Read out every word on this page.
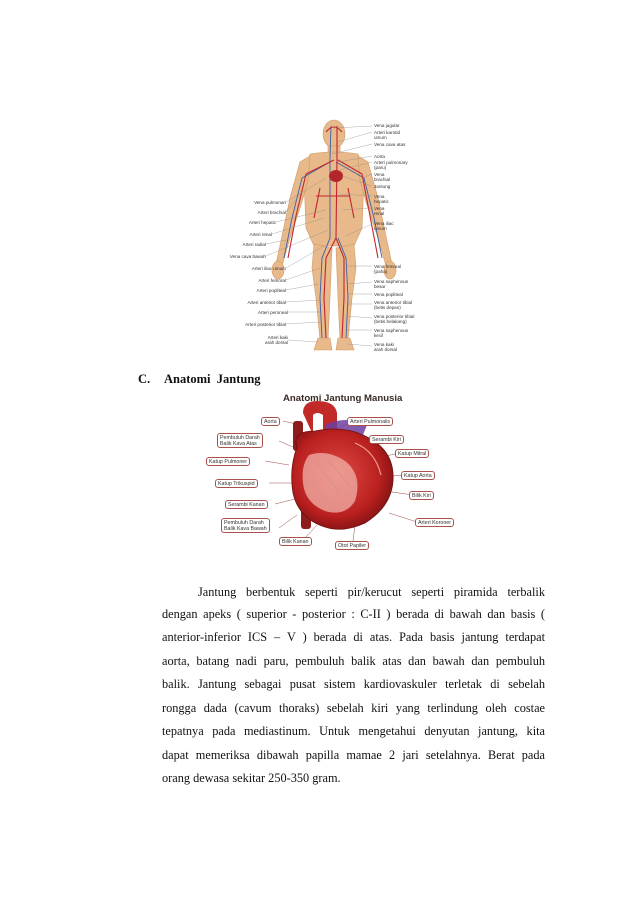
Vena pulmonari
Arteri brachial
Arteri hepatic
Arteri renal
Arteri radial
Vena cava bawah
Arteri iliac umum
Arteri femoral
Arteri popliteal
Arteri anterior tibial
Arteri peroneal
Arteri posterior tibial
Arteri kaki
arah dorsal
Vena jugular
Arteri karotid
umum
Vena cava atas
Aorta
Arteri pulmonary
(paru)
Vena
brachial
Jantung
Vena
hepatic
Vena
renal
Vena iliac
umum
Vena femoral
(paha)
Vena saphenous
besar
Vena popliteal
Vena anterior tibial
(betis depan)
Vena posterior tibial
(betis belakang)
Vena saphenous
kecil
Vena kaki
arah dorsal
C. Anatomi  Jantung
Anatomi Jantung Manusia
Aorta
Pembuluh Darah
Balik Kava Atas
Katup Pulmoner
Katup Trikuspid
Serambi Kanan
Pembuluh Darah
Balik Kava Bawah
Bilik Kanan
Otot Papiler
Arteri Pulmonalis
Serambi Kiri
Katup Mitral
Katup Aorta
Bilik Kiri
Arteri Koroner
Jantung berbentuk seperti pir/kerucut seperti piramida terbalik
dengan apeks ( superior - posterior : C-II ) berada di bawah dan basis (
anterior-inferior ICS – V ) berada di atas. Pada basis jantung terdapat
aorta, batang nadi paru, pembuluh balik atas dan bawah dan pembuluh
balik. Jantung sebagai pusat sistem kardiovaskuler terletak di sebelah
rongga dada (cavum thoraks) sebelah kiri yang terlindung oleh costae
tepatnya pada mediastinum. Untuk mengetahui denyutan jantung, kita
dapat memeriksa dibawah papilla mamae 2 jari setelahnya. Berat pada
orang dewasa sekitar 250-350 gram.
